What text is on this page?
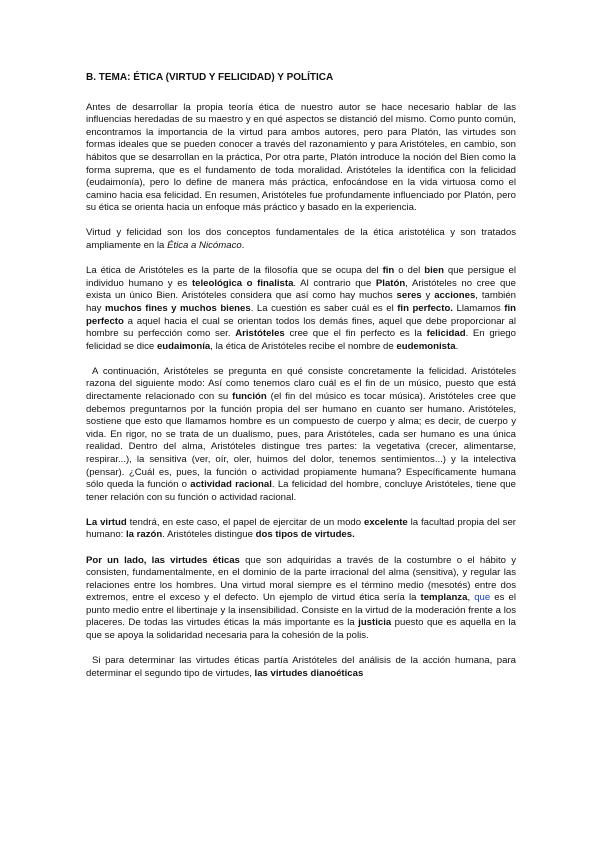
B. TEMA: ÉTICA (VIRTUD Y FELICIDAD) Y POLÍTICA

Antes de desarrollar la propia teoría ética de nuestro autor se hace necesario hablar de las influencias heredadas de su maestro y en qué aspectos se distanció del mismo. Como punto común, encontramos la importancia de la virtud para ambos autores, pero para Platón, las virtudes son formas ideales que se pueden conocer a través del razonamiento y para Aristóteles, en cambio, son hábitos que se desarrollan en la práctica, Por otra parte, Platón introduce la noción del Bien como la forma suprema, que es el fundamento de toda moralidad. Aristóteles la identifica con la felicidad (eudaimonía), pero lo define de manera más práctica, enfocándose en la vida virtuosa como el camino hacia esa felicidad. En resumen, Aristóteles fue profundamente influenciado por Platón, pero su ética se orienta hacia un enfoque más práctico y basado en la experiencia.

Virtud y felicidad son los dos conceptos fundamentales de la ética aristotélica y son tratados ampliamente en la Ética a Nicómaco.

La ética de Aristóteles es la parte de la filosofía que se ocupa del fin o del bien que persigue el individuo humano y es teleológica o finalista. Al contrario que Platón, Aristóteles no cree que exista un único Bien. Aristóteles considera que así como hay muchos seres y acciones, también hay muchos fines y muchos bienes. La cuestión es saber cuál es el fin perfecto. Llamamos fin perfecto a aquel hacia el cual se orientan todos los demás fines, aquel que debe proporcionar al hombre su perfección como ser. Aristóteles cree que el fin perfecto es la felicidad. En griego felicidad se dice eudaimonía, la ética de Aristóteles recibe el nombre de eudemonista.

A continuación, Aristóteles se pregunta en qué consiste concretamente la felicidad. Aristóteles razona del siguiente modo: Así como tenemos claro cuál es el fin de un músico, puesto que está directamente relacionado con su función (el fin del músico es tocar música). Aristóteles cree que debemos preguntarnos por la función propia del ser humano en cuanto ser humano. Aristóteles, sostiene que esto que llamamos hombre es un compuesto de cuerpo y alma; es decir, de cuerpo y vida. En rigor, no se trata de un dualismo, pues, para Aristóteles, cada ser humano es una única realidad. Dentro del alma, Aristóteles distingue tres partes: la vegetativa (crecer, alimentarse, respirar...), la sensitiva (ver, oír, oler, huimos del dolor, tenemos sentimientos...) y la intelectiva (pensar). ¿Cuál es, pues, la función o actividad propiamente humana? Específicamente humana sólo queda la función o actividad racional. La felicidad del hombre, concluye Aristóteles, tiene que tener relación con su función o actividad racional.

La virtud tendrá, en este caso, el papel de ejercitar de un modo excelente la facultad propia del ser humano: la razón. Aristóteles distingue dos tipos de virtudes.

Por un lado, las virtudes éticas que son adquiridas a través de la costumbre o el hábito y consisten, fundamentalmente, en el dominio de la parte irracional del alma (sensitiva), y regular las relaciones entre los hombres. Una virtud moral siempre es el término medio (mesotés) entre dos extremos, entre el exceso y el defecto. Un ejemplo de virtud ética sería la templanza, que es el punto medio entre el libertinaje y la insensibilidad. Consiste en la virtud de la moderación frente a los placeres. De todas las virtudes éticas la más importante es la justicia puesto que es aquella en la que se apoya la solidaridad necesaria para la cohesión de la polis.

Si para determinar las virtudes éticas partía Aristóteles del análisis de la acción humana, para determinar el segundo tipo de virtudes, las virtudes dianoéticas
